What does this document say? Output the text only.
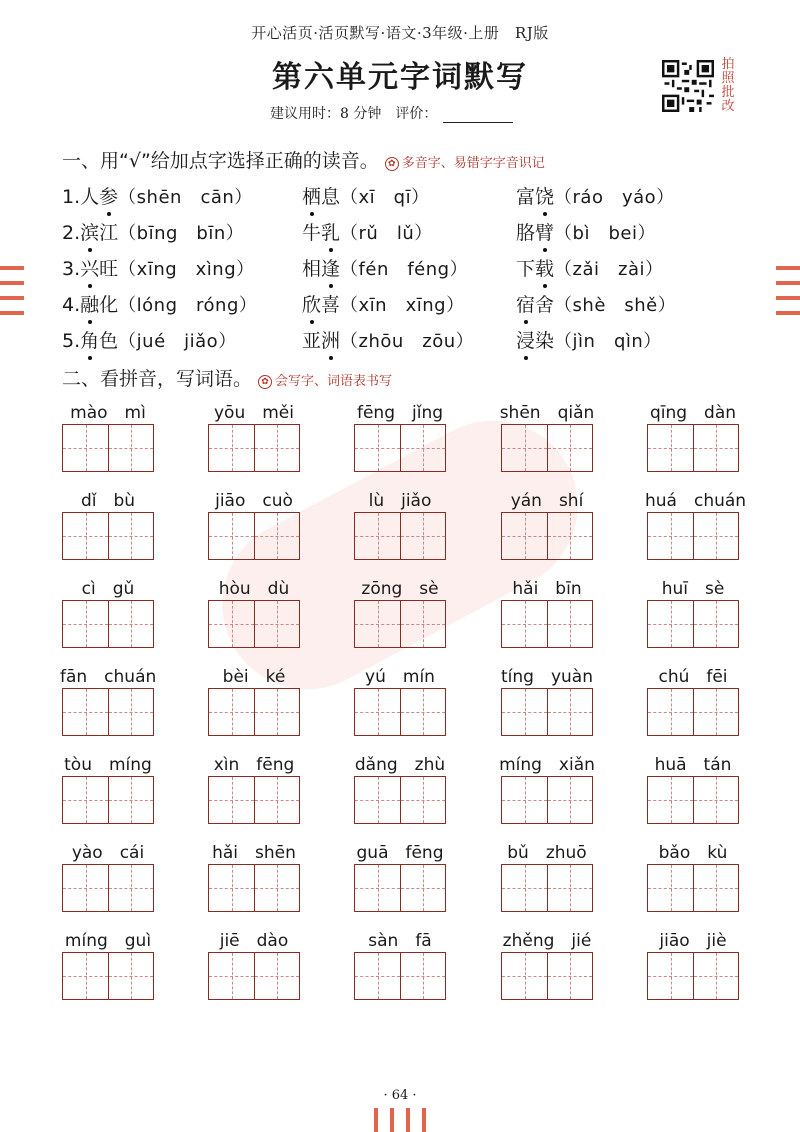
开心活页·活页默写·语文·3年级·上册　RJ版
第六单元字词默写	拍照批改
建议用时：8 分钟　评价：
一、用“√”给加点字选择正确的读音。 ✿ 多音字、易错字字音识记
1.人参（shēn　cān）	栖息（xī　qī）	富饶（ráo　yáo）
2.滨江（bīng　bīn）	牛乳（rǔ　lǔ）	胳臂（bì　bei）
3.兴旺（xīng　xìng） 相逢（fén　féng）	下载（zǎi　zài）
4.融化（lóng　róng） 欣喜（xīn　xīng）	宿舍（shè　shě）
5.角色（jué　jiǎo）	亚洲（zhōu　zōu） 浸染（jìn　qìn）
二、看拼音，写词语。 ✿ 会写字、词语表书写
mào　mì	yōu　měi	fēng　jǐng	shēn　qiǎn	qīng　dàn
dǐ　bù	jiāo　cuò	lù　jiǎo	yán　shí	huá　chuán
cì　gǔ	hòu　dù	zōng　sè	hǎi　bīn	huī　sè
fān　chuán	bèi　ké	yú　mín	tíng　yuàn	chú　fēi
tòu　míng	xìn　fēng	dǎng　zhù	míng　xiǎn	huā　tán
yào　cái	hǎi　shēn	guā　fēng	bǔ　zhuō	bǎo　kù
míng　guì	jiē　dào	sàn　fā	zhěng　jié	jiāo　jiè
· 64 ·
